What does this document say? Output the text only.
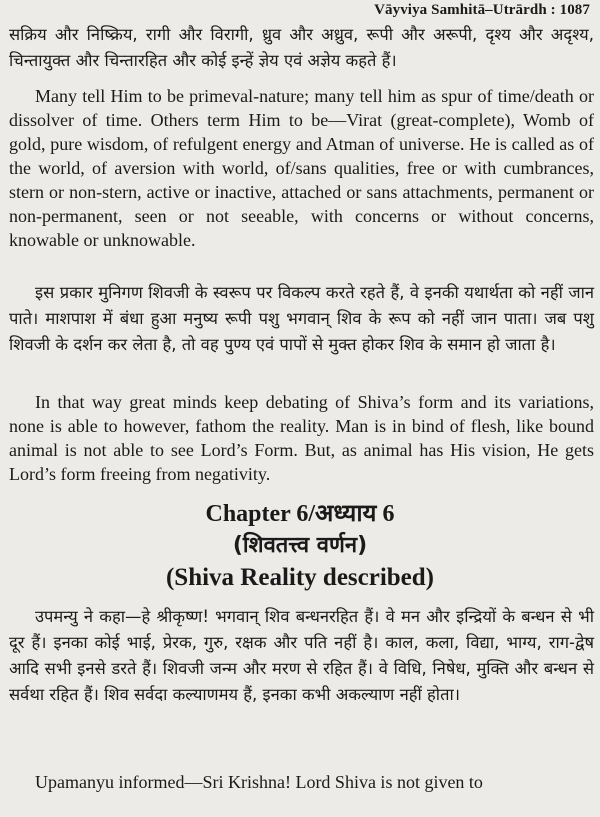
Vāyviya Samhitā–Utrārdh : 1087

सक्रिय और निष्क्रिय, रागी और विरागी, ध्रुव और अध्रुव, रूपी और अरूपी, दृश्य और अदृश्य, चिन्तायुक्त और चिन्तारहित और कोई इन्हें ज्ञेय एवं अज्ञेय कहते हैं।

Many tell Him to be primeval-nature; many tell him as spur of time/death or dissolver of time. Others term Him to be—Virat (great-complete), Womb of gold, pure wisdom, of refulgent energy and Atman of universe. He is called as of the world, of aversion with world, of/sans qualities, free or with cumbrances, stern or non-stern, active or inactive, attached or sans attachments, permanent or non-permanent, seen or not seeable, with concerns or without concerns, knowable or unknowable.

इस प्रकार मुनिगण शिवजी के स्वरूप पर विकल्प करते रहते हैं, वे इनकी यथार्थता को नहीं जान पाते। माशपाश में बंधा हुआ मनुष्य रूपी पशु भगवान् शिव के रूप को नहीं जान पाता। जब पशु शिवजी के दर्शन कर लेता है, तो वह पुण्य एवं पापों से मुक्त होकर शिव के समान हो जाता है।

In that way great minds keep debating of Shiva’s form and its variations, none is able to however, fathom the reality. Man is in bind of flesh, like bound animal is not able to see Lord’s Form. But, as animal has His vision, He gets Lord’s form freeing from negativity.

Chapter 6/अध्याय 6

(शिवतत्त्व वर्णन)

(Shiva Reality described)

उपमन्यु ने कहा—हे श्रीकृष्ण! भगवान् शिव बन्धनरहित हैं। वे मन और इन्द्रियों के बन्धन से भी दूर हैं। इनका कोई भाई, प्रेरक, गुरु, रक्षक और पति नहीं है। काल, कला, विद्या, भाग्य, राग-द्वेष आदि सभी इनसे डरते हैं। शिवजी जन्म और मरण से रहित हैं। वे विधि, निषेध, मुक्ति और बन्धन से सर्वथा रहित हैं। शिव सर्वदा कल्याणमय हैं, इनका कभी अकल्याण नहीं होता।

Upamanyu informed—Sri Krishna! Lord Shiva is not given to
